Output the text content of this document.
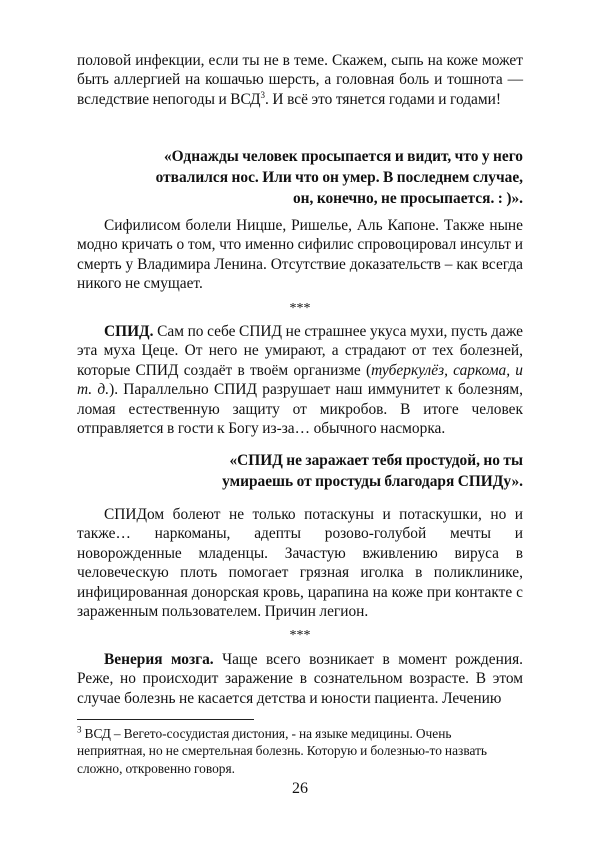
половой инфекции, если ты не в теме. Скажем, сыпь на коже может быть аллергией на кошачью шерсть, а головная боль и тошнота — вследствие непогоды и ВСД$^3$. И всё это тянется годами и годами!

«Однажды человек просыпается и видит, что у него
отвалился нос. Или что он умер. В последнем случае,
он, конечно, не просыпается. : )».

Сифилисом болели Ницше, Ришелье, Аль Капоне. Также ныне модно кричать о том, что именно сифилис спровоцировал инсульт и смерть у Владимира Ленина. Отсутствие доказательств – как всегда никого не смущает.

***

СПИД. Сам по себе СПИД не страшнее укуса мухи, пусть даже эта муха Цеце. От него не умирают, а страдают от тех болезней, которые СПИД создаёт в твоём организме (туберкулёз, саркома, и т. д.). Параллельно СПИД разрушает наш иммунитет к болезням, ломая естественную защиту от микробов. В итоге человек отправляется в гости к Богу из-за… обычного насморка.

«СПИД не заражает тебя простудой, но ты
умираешь от простуды благодаря СПИДу».

СПИДом болеют не только потаскуны и потаскушки, но и также… наркоманы, адепты розово-голубой мечты и новорожденные младенцы. Зачастую вживлению вируса в человеческую плоть помогает грязная иголка в поликлинике, инфицированная донорская кровь, царапина на коже при контакте с зараженным пользователем. Причин легион.

***

Венерия мозга. Чаще всего возникает в момент рождения. Реже, но происходит заражение в сознательном возрасте. В этом случае болезнь не касается детства и юности пациента. Лечению

$^3$ ВСД – Вегето-сосудистая дистония, - на языке медицины. Очень неприятная, но не смертельная болезнь. Которую и болезнью-то назвать сложно, откровенно говоря.

26
